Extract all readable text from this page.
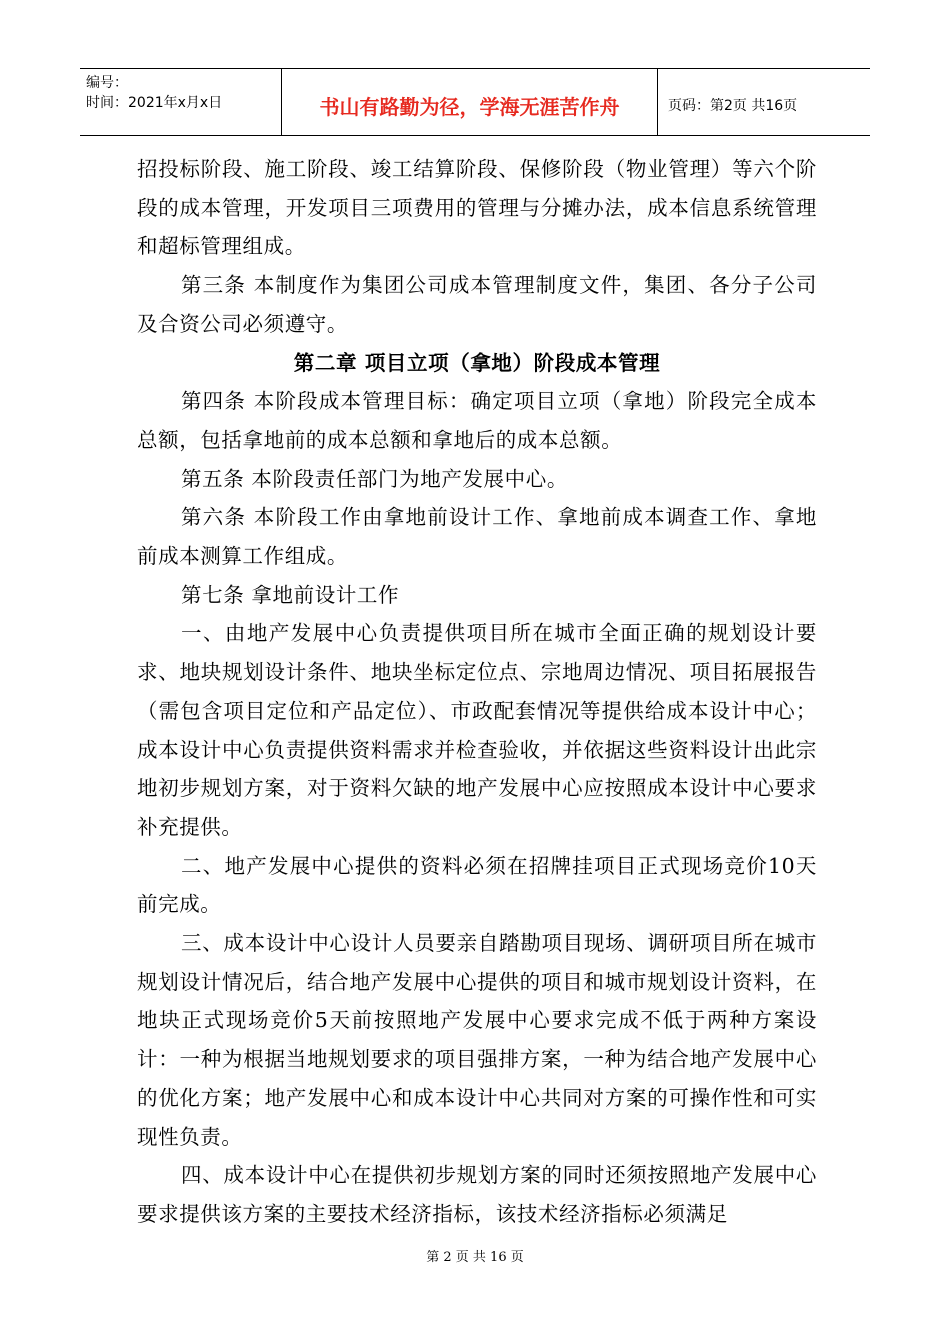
编号：
时间：2021年x月x日	书山有路勤为径，学海无涯苦作舟	页码：第2页 共16页

招投标阶段、施工阶段、竣工结算阶段、保修阶段（物业管理）等六个阶段的成本管理，开发项目三项费用的管理与分摊办法，成本信息系统管理和超标管理组成。

第三条 本制度作为集团公司成本管理制度文件，集团、各分子公司及合资公司必须遵守。

第二章 项目立项（拿地）阶段成本管理

第四条 本阶段成本管理目标：确定项目立项（拿地）阶段完全成本总额，包括拿地前的成本总额和拿地后的成本总额。

第五条 本阶段责任部门为地产发展中心。

第六条 本阶段工作由拿地前设计工作、拿地前成本调查工作、拿地前成本测算工作组成。

第七条 拿地前设计工作

一、由地产发展中心负责提供项目所在城市全面正确的规划设计要求、地块规划设计条件、地块坐标定位点、宗地周边情况、项目拓展报告（需包含项目定位和产品定位）、市政配套情况等提供给成本设计中心；成本设计中心负责提供资料需求并检查验收，并依据这些资料设计出此宗地初步规划方案，对于资料欠缺的地产发展中心应按照成本设计中心要求补充提供。

二、地产发展中心提供的资料必须在招牌挂项目正式现场竞价10天前完成。

三、成本设计中心设计人员要亲自踏勘项目现场、调研项目所在城市规划设计情况后，结合地产发展中心提供的项目和城市规划设计资料，在地块正式现场竞价5天前按照地产发展中心要求完成不低于两种方案设计：一种为根据当地规划要求的项目强排方案，一种为结合地产发展中心的优化方案；地产发展中心和成本设计中心共同对方案的可操作性和可实现性负责。

四、成本设计中心在提供初步规划方案的同时还须按照地产发展中心要求提供该方案的主要技术经济指标，该技术经济指标必须满足

第 2 页 共 16 页
